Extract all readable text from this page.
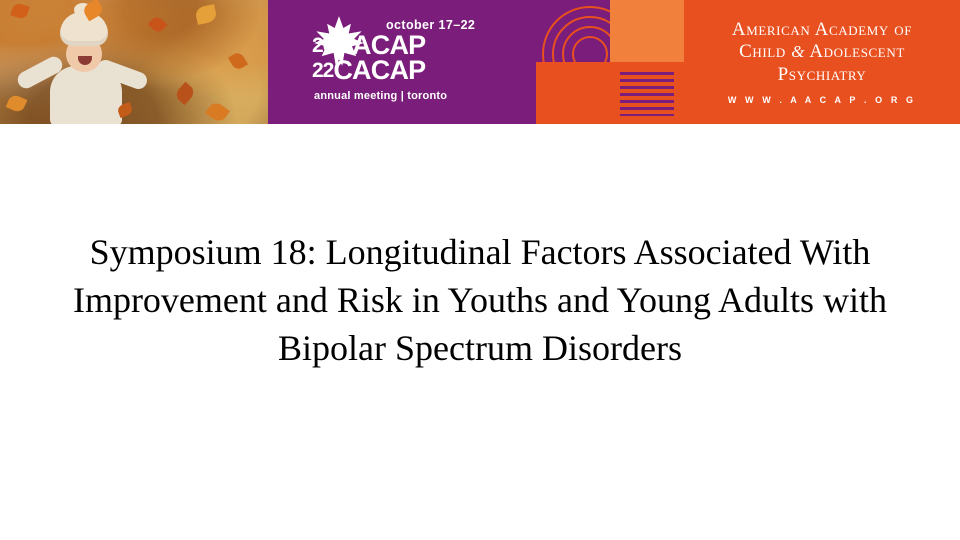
october 17–22
20AACAP
22CACAP
annual meeting | toronto
American Academy of
Child & Adolescent
Psychiatry
W W W . A A C A P . O R G
Symposium 18: Longitudinal Factors Associated With Improvement and Risk in Youths and Young Adults with Bipolar Spectrum Disorders
